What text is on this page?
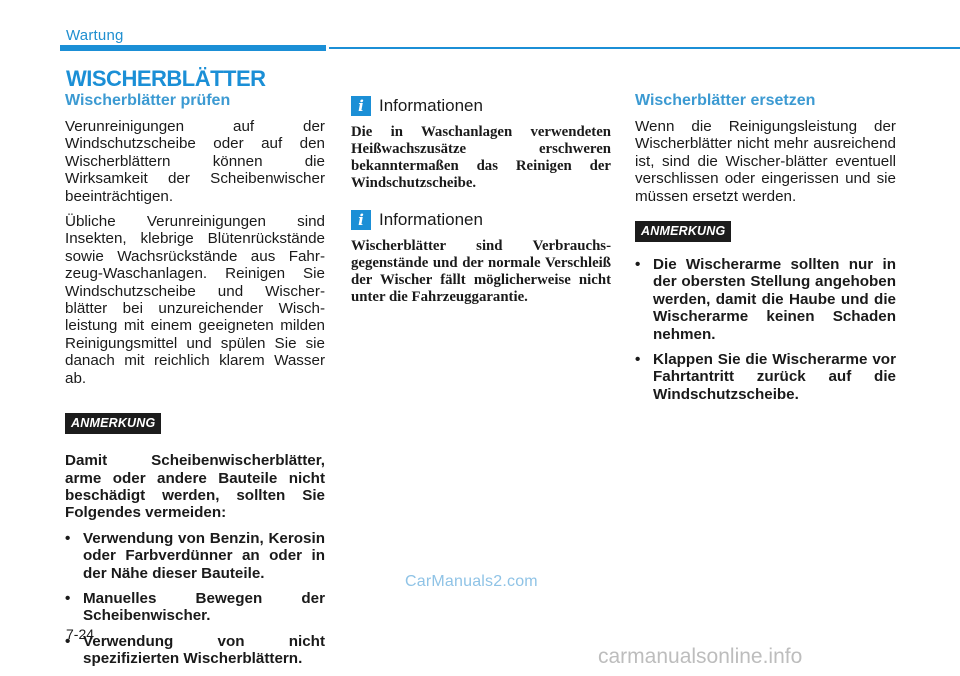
Wartung
WISCHERBLÄTTER
Wischerblätter prüfen

Verunreinigungen auf der Windschutzscheibe oder auf den Wischerblättern können die Wirksamkeit der Scheibenwischer beeinträchtigen.

Übliche Verunreinigungen sind Insekten, klebrige Blütenrückstände sowie Wachsrückstände aus Fahr-zeug-Waschanlagen. Reinigen Sie Windschutzscheibe und Wischer-blätter bei unzureichender Wisch-leistung mit einem geeigneten milden Reinigungsmittel und spülen Sie sie danach mit reichlich klarem Wasser ab.

ANMERKUNG

Damit Scheibenwischerblätter, arme oder andere Bauteile nicht beschädigt werden, sollten Sie Folgendes vermeiden:

• Verwendung von Benzin, Kerosin oder Farbverdünner an oder in der Nähe dieser Bauteile.
• Manuelles Bewegen der Scheibenwischer.
• Verwendung von nicht spezifizierten Wischerblättern.
i Informationen

Die in Waschanlagen verwendeten Heißwachszusätze erschweren bekanntermaßen das Reinigen der Windschutzscheibe.

i Informationen

Wischerblätter sind Verbrauchs-gegenstände und der normale Verschleiß der Wischer fällt möglicherweise nicht unter die Fahrzeuggarantie.

Wischerblätter ersetzen

Wenn die Reinigungsleistung der Wischerblätter nicht mehr ausreichend ist, sind die Wischer-blätter eventuell verschlissen oder eingerissen und sie müssen ersetzt werden.

ANMERKUNG
• Die Wischerarme sollten nur in der obersten Stellung angehoben werden, damit die Haube und die Wischerarme keinen Schaden nehmen.
• Klappen Sie die Wischerarme vor Fahrtantritt zurück auf die Windschutzscheibe.
CarManuals2.com
7-24
carmanualsonline.info
